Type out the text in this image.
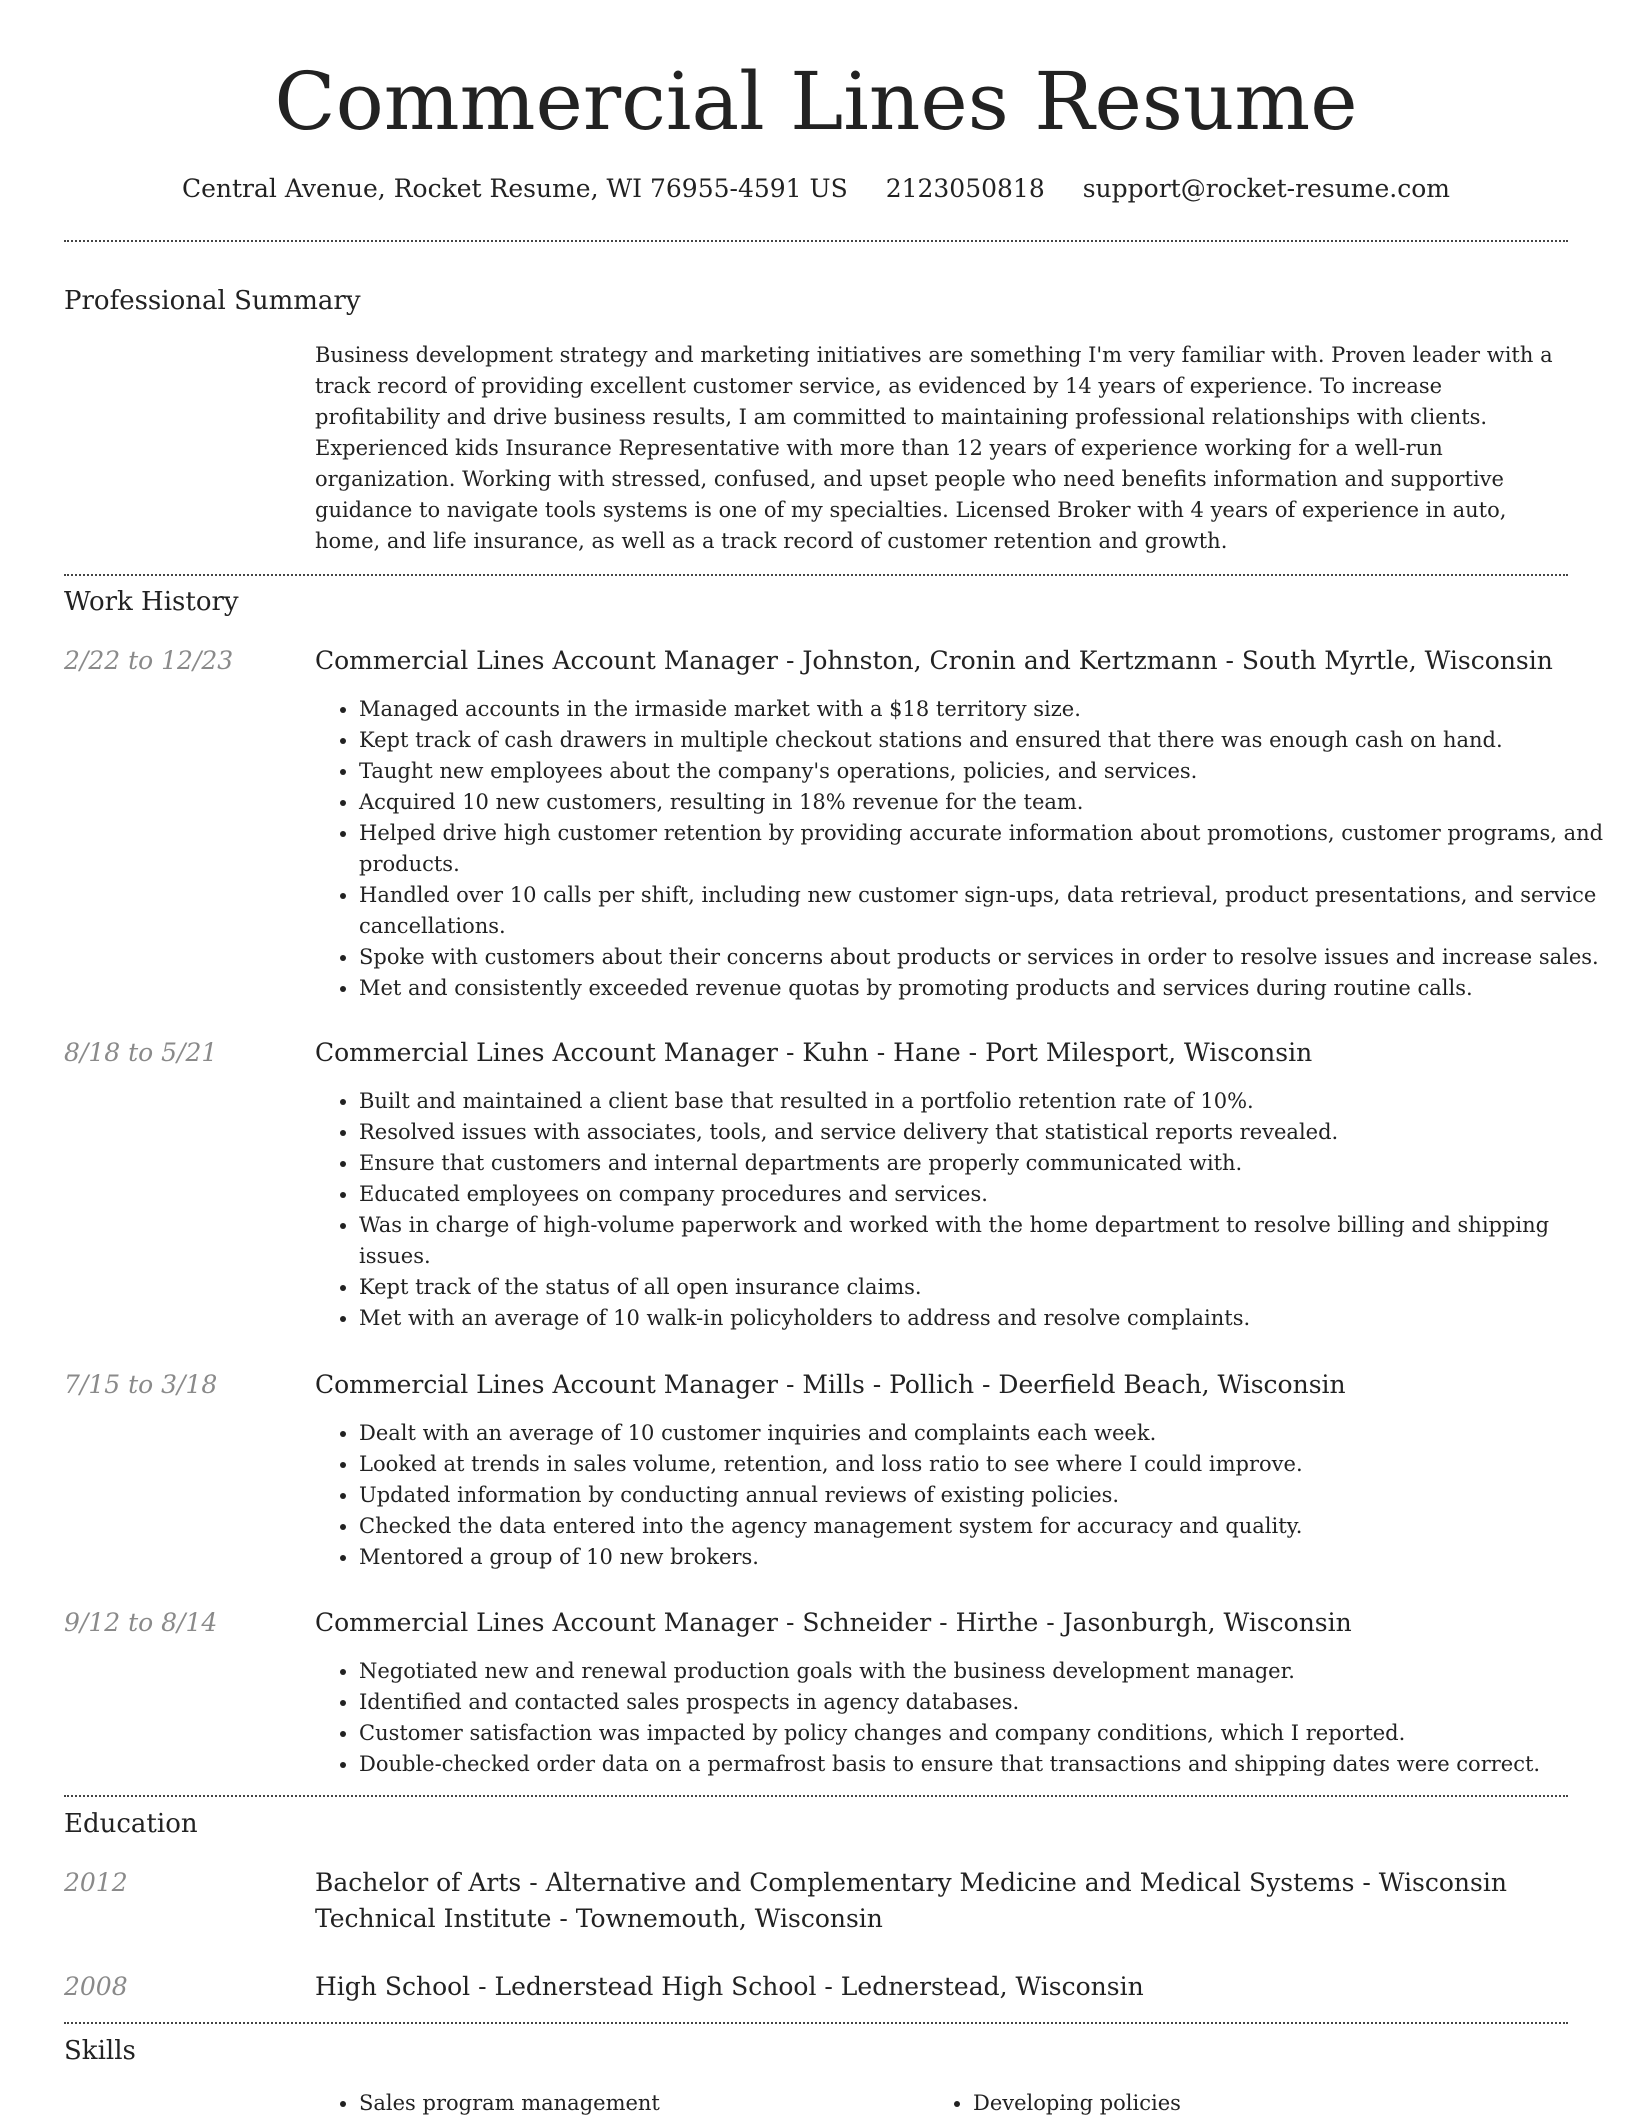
Commercial Lines Resume
Central Avenue, Rocket Resume, WI 76955-4591 US 2123050818 support@rocket-resume.com
Professional Summary

Business development strategy and marketing initiatives are something I'm very familiar with. Proven leader with a track record of providing excellent customer service, as evidenced by 14 years of experience. To increase profitability and drive business results, I am committed to maintaining professional relationships with clients. Experienced kids Insurance Representative with more than 12 years of experience working for a well-run organization. Working with stressed, confused, and upset people who need benefits information and supportive guidance to navigate tools systems is one of my specialties. Licensed Broker with 4 years of experience in auto, home, and life insurance, as well as a track record of customer retention and growth.

Work History
2/22 to 12/23	Commercial Lines Account Manager - Johnston, Cronin and Kertzmann - South Myrtle, Wisconsin
• Managed accounts in the irmaside market with a $18 territory size.
• Kept track of cash drawers in multiple checkout stations and ensured that there was enough cash on hand.
• Taught new employees about the company's operations, policies, and services.
• Acquired 10 new customers, resulting in 18% revenue for the team.
• Helped drive high customer retention by providing accurate information about promotions, customer programs, and products.
• Handled over 10 calls per shift, including new customer sign-ups, data retrieval, product presentations, and service cancellations.
• Spoke with customers about their concerns about products or services in order to resolve issues and increase sales.
• Met and consistently exceeded revenue quotas by promoting products and services during routine calls.
8/18 to 5/21	Commercial Lines Account Manager - Kuhn - Hane - Port Milesport, Wisconsin
• Built and maintained a client base that resulted in a portfolio retention rate of 10%.
• Resolved issues with associates, tools, and service delivery that statistical reports revealed.
• Ensure that customers and internal departments are properly communicated with.
• Educated employees on company procedures and services.
• Was in charge of high-volume paperwork and worked with the home department to resolve billing and shipping issues.
• Kept track of the status of all open insurance claims.
• Met with an average of 10 walk-in policyholders to address and resolve complaints.
7/15 to 3/18	Commercial Lines Account Manager - Mills - Pollich - Deerfield Beach, Wisconsin
• Dealt with an average of 10 customer inquiries and complaints each week.
• Looked at trends in sales volume, retention, and loss ratio to see where I could improve.
• Updated information by conducting annual reviews of existing policies.
• Checked the data entered into the agency management system for accuracy and quality.
• Mentored a group of 10 new brokers.
9/12 to 8/14	Commercial Lines Account Manager - Schneider - Hirthe - Jasonburgh, Wisconsin
• Negotiated new and renewal production goals with the business development manager.
• Identified and contacted sales prospects in agency databases.
• Customer satisfaction was impacted by policy changes and company conditions, which I reported.
• Double-checked order data on a permafrost basis to ensure that transactions and shipping dates were correct.
Education
2012	Bachelor of Arts - Alternative and Complementary Medicine and Medical Systems - Wisconsin Technical Institute - Townemouth, Wisconsin
2008	High School - Lednerstead High School - Lednerstead, Wisconsin
Skills
• Sales program management
•	Developing policies
